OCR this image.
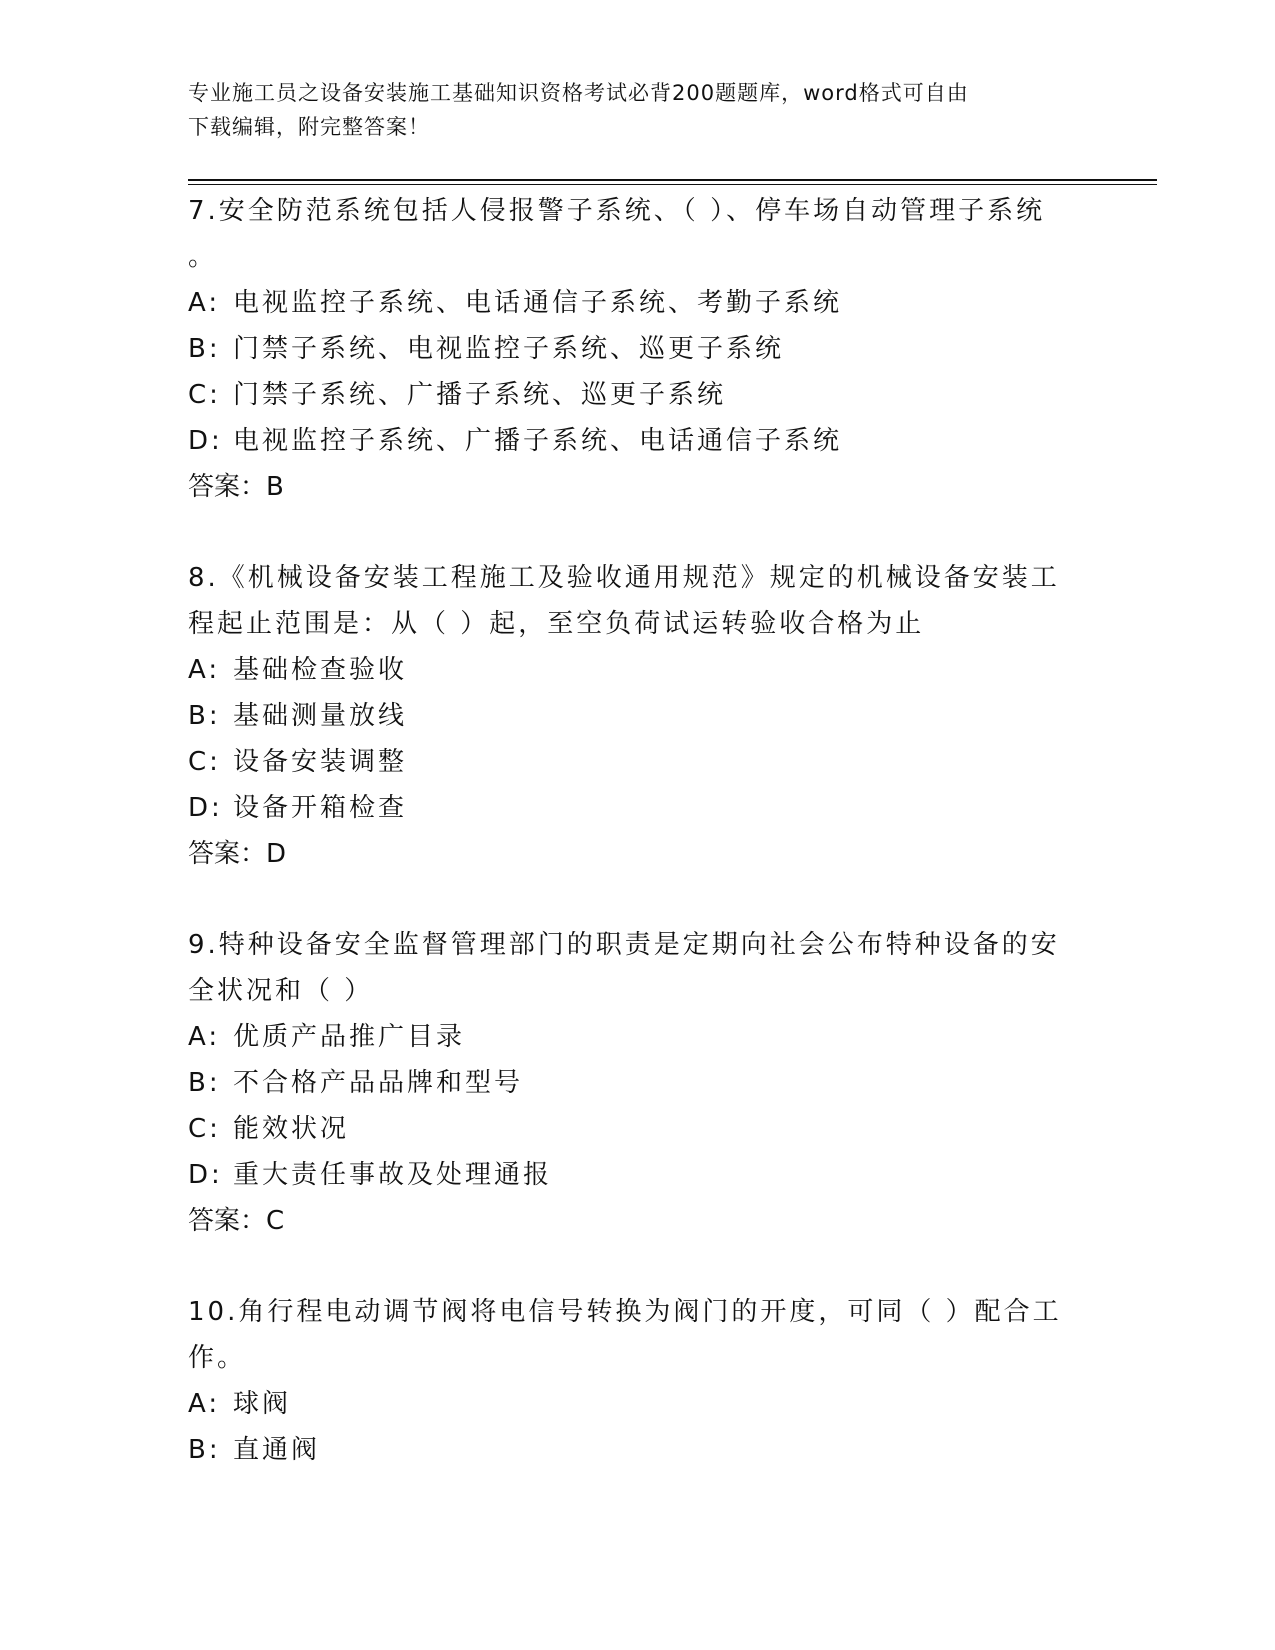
专业施工员之设备安装施工基础知识资格考试必背200题题库，word格式可自由
下载编辑，附完整答案！

7.安全防范系统包括人侵报警子系统、（ ）、停车场自动管理子系统

。

A: 电视监控子系统、电话通信子系统、考勤子系统

B: 门禁子系统、电视监控子系统、巡更子系统

C: 门禁子系统、广播子系统、巡更子系统

D: 电视监控子系统、广播子系统、电话通信子系统

答案：B

8.《机械设备安装工程施工及验收通用规范》规定的机械设备安装工

程起止范围是：从（ ）起，至空负荷试运转验收合格为止

A: 基础检查验收

B: 基础测量放线

C: 设备安装调整

D: 设备开箱检查

答案：D

9.特种设备安全监督管理部门的职责是定期向社会公布特种设备的安

全状况和（ ）

A: 优质产品推广目录

B: 不合格产品品牌和型号

C: 能效状况

D: 重大责任事故及处理通报

答案：C

10.角行程电动调节阀将电信号转换为阀门的开度，可同（ ）配合工

作。

A: 球阀

B: 直通阀
